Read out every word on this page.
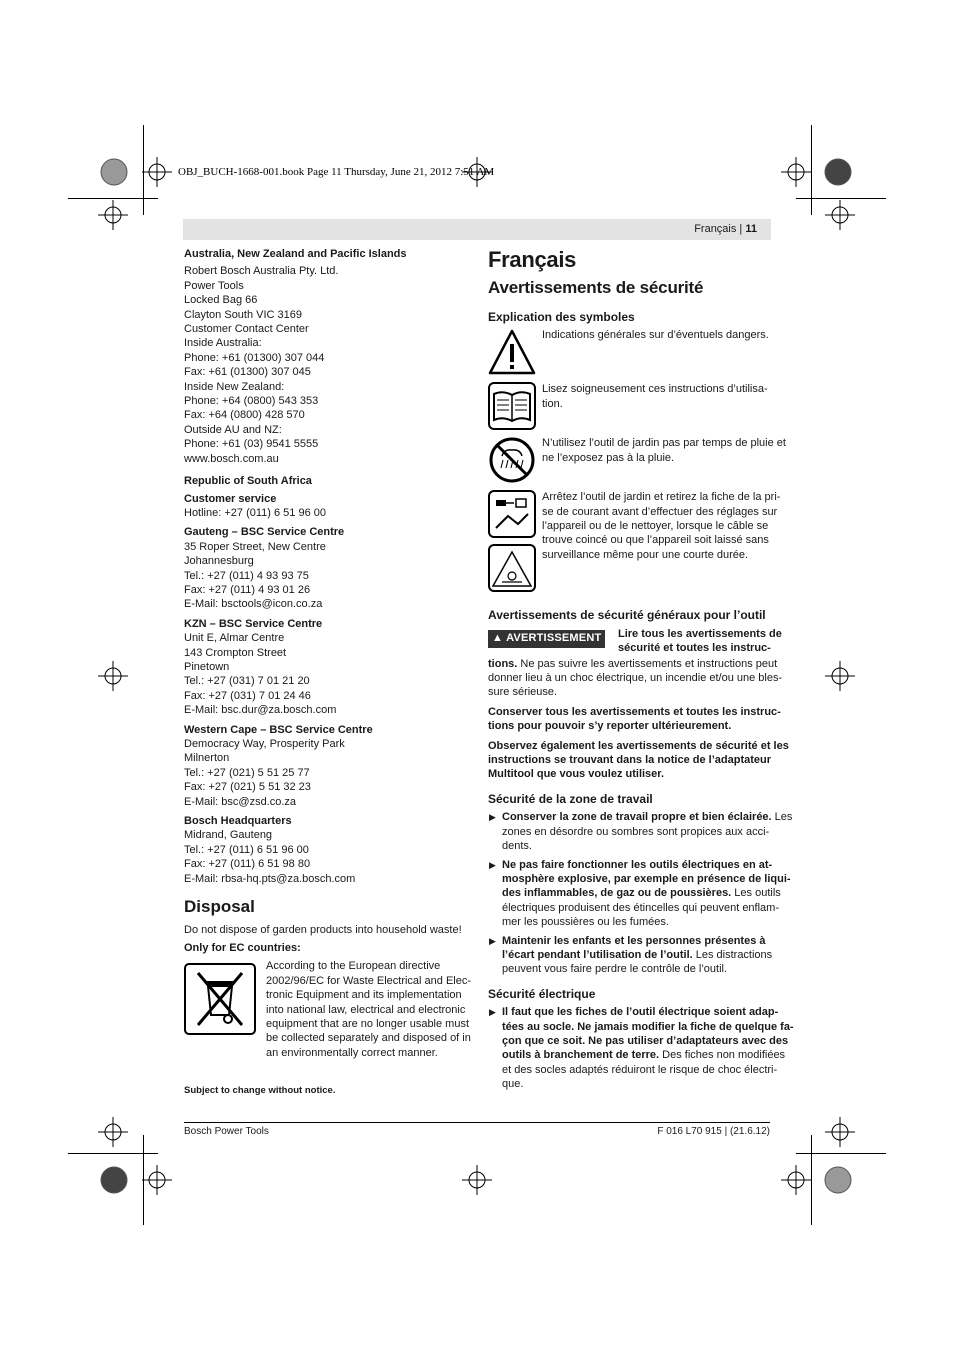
OBJ_BUCH-1668-001.book Page 11 Thursday, June 21, 2012 7:51 AM
Français | 11
Australia, New Zealand and Pacific Islands
Robert Bosch Australia Pty. Ltd.
Power Tools
Locked Bag 66
Clayton South VIC 3169
Customer Contact Center
Inside Australia:
Phone: +61 (01300) 307 044
Fax: +61 (01300) 307 045
Inside New Zealand:
Phone: +64 (0800) 543 353
Fax: +64 (0800) 428 570
Outside AU and NZ:
Phone: +61 (03) 9541 5555
www.bosch.com.au
Republic of South Africa
Customer service
Hotline: +27 (011) 6 51 96 00
Gauteng – BSC Service Centre
35 Roper Street, New Centre
Johannesburg
Tel.: +27 (011) 4 93 93 75
Fax: +27 (011) 4 93 01 26
E-Mail: bsctools@icon.co.za
KZN – BSC Service Centre
Unit E, Almar Centre
143 Crompton Street
Pinetown
Tel.: +27 (031) 7 01 21 20
Fax: +27 (031) 7 01 24 46
E-Mail: bsc.dur@za.bosch.com
Western Cape – BSC Service Centre
Democracy Way, Prosperity Park
Milnerton
Tel.: +27 (021) 5 51 25 77
Fax: +27 (021) 5 51 32 23
E-Mail: bsc@zsd.co.za
Bosch Headquarters
Midrand, Gauteng
Tel.: +27 (011) 6 51 96 00
Fax: +27 (011) 6 51 98 80
E-Mail: rbsa-hq.pts@za.bosch.com
Disposal
Do not dispose of garden products into household waste!
Only for EC countries:
According to the European directive
2002/96/EC for Waste Electrical and Elec-
tronic Equipment and its implementation
into national law, electrical and electronic
equipment that are no longer usable must
be collected separately and disposed of in
an environmentally correct manner.
Subject to change without notice.
Français
Avertissements de sécurité
Explication des symboles
Indications générales sur d’éventuels dangers.
Lisez soigneusement ces instructions d’utilisa-
tion.
N’utilisez l’outil de jardin pas par temps de pluie et
ne l’exposez pas à la pluie.
Arrêtez l’outil de jardin et retirez la fiche de la pri-
se de courant avant d’effectuer des réglages sur
l’appareil ou de le nettoyer, lorsque le câble se
trouve coincé ou que l’appareil soit laissé sans
surveillance même pour une courte durée.
Avertissements de sécurité généraux pour l’outil
▲ AVERTISSEMENT Lire tous les avertissements de
sécurité et toutes les instruc-
tions. Ne pas suivre les avertissements et instructions peut
donner lieu à un choc électrique, un incendie et/ou une bles-
sure sérieuse.
Conserver tous les avertissements et toutes les instruc-
tions pour pouvoir s’y reporter ultérieurement.
Observez également les avertissements de sécurité et les
instructions se trouvant dans la notice de l’adaptateur
Multitool que vous voulez utiliser.
Sécurité de la zone de travail
▶ Conserver la zone de travail propre et bien éclairée. Les
zones en désordre ou sombres sont propices aux acci-
dents.
▶ Ne pas faire fonctionner les outils électriques en at-
mosphère explosive, par exemple en présence de liqui-
des inflammables, de gaz ou de poussières. Les outils
électriques produisent des étincelles qui peuvent enflam-
mer les poussières ou les fumées.
▶ Maintenir les enfants et les personnes présentes à
l’écart pendant l’utilisation de l’outil. Les distractions
peuvent vous faire perdre le contrôle de l’outil.
Sécurité électrique
▶ Il faut que les fiches de l’outil électrique soient adap-
tées au socle. Ne jamais modifier la fiche de quelque fa-
çon que ce soit. Ne pas utiliser d’adaptateurs avec des
outils à branchement de terre. Des fiches non modifiées
et des socles adaptés réduiront le risque de choc électri-
que.
Bosch Power Tools	F 016 L70 915 | (21.6.12)
